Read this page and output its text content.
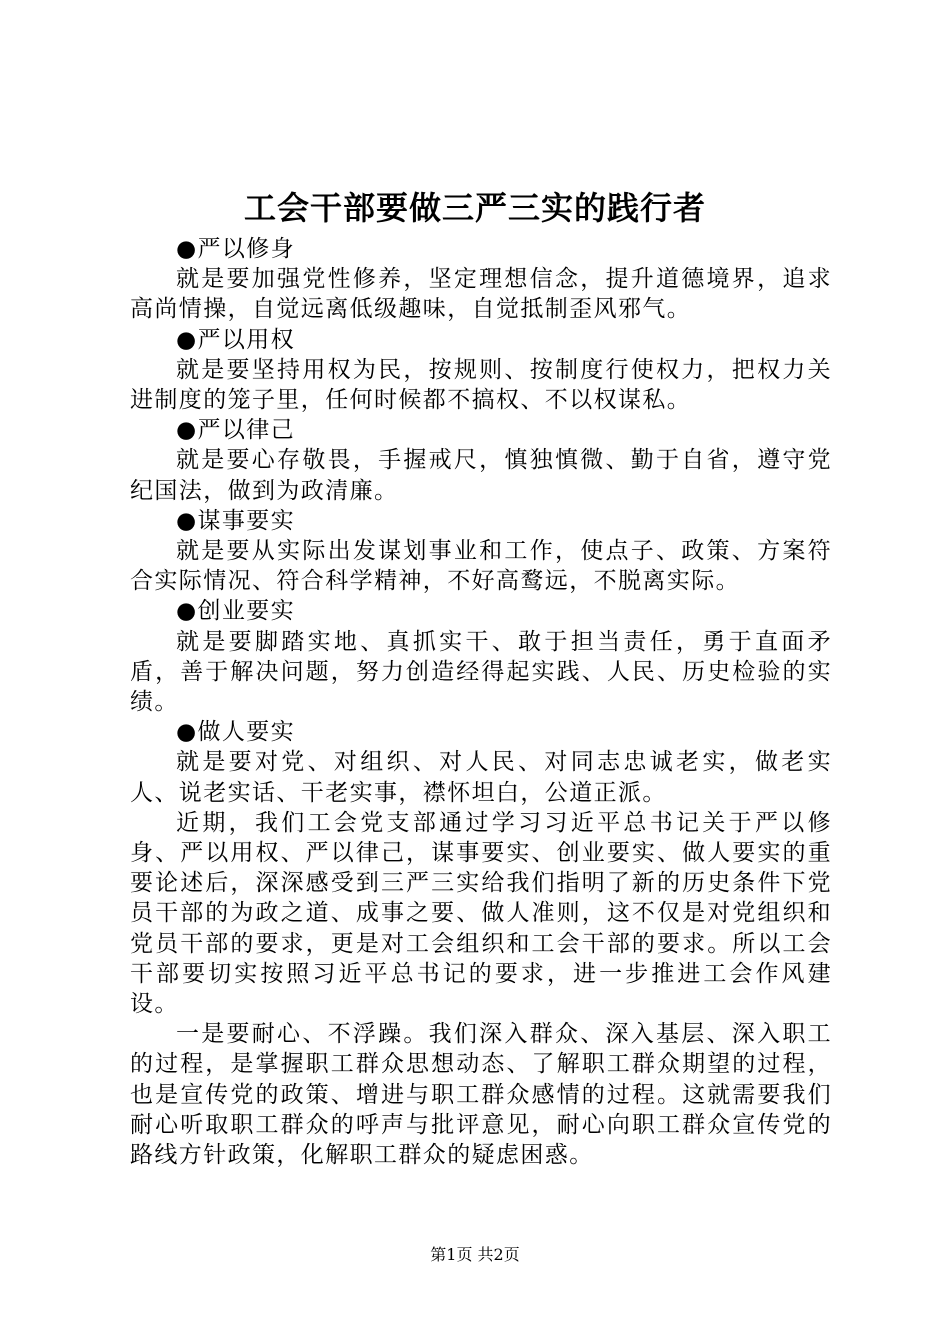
工会干部要做三严三实的践行者

●严以修身

就是要加强党性修养，坚定理想信念，提升道德境界，追求高尚情操，自觉远离低级趣味，自觉抵制歪风邪气。

●严以用权

就是要坚持用权为民，按规则、按制度行使权力，把权力关进制度的笼子里，任何时候都不搞权、不以权谋私。

●严以律己

就是要心存敬畏，手握戒尺，慎独慎微、勤于自省，遵守党纪国法，做到为政清廉。

●谋事要实

就是要从实际出发谋划事业和工作，使点子、政策、方案符合实际情况、符合科学精神，不好高鹜远，不脱离实际。

●创业要实

就是要脚踏实地、真抓实干、敢于担当责任，勇于直面矛盾，善于解决问题，努力创造经得起实践、人民、历史检验的实绩。

●做人要实

就是要对党、对组织、对人民、对同志忠诚老实，做老实人、说老实话、干老实事，襟怀坦白，公道正派。

近期，我们工会党支部通过学习习近平总书记关于严以修身、严以用权、严以律己，谋事要实、创业要实、做人要实的重要论述后，深深感受到三严三实给我们指明了新的历史条件下党员干部的为政之道、成事之要、做人准则，这不仅是对党组织和党员干部的要求，更是对工会组织和工会干部的要求。所以工会干部要切实按照习近平总书记的要求，进一步推进工会作风建设。

一是要耐心、不浮躁。我们深入群众、深入基层、深入职工的过程，是掌握职工群众思想动态、了解职工群众期望的过程，也是宣传党的政策、增进与职工群众感情的过程。这就需要我们耐心听取职工群众的呼声与批评意见，耐心向职工群众宣传党的路线方针政策，化解职工群众的疑虑困惑。

第1页 共2页
